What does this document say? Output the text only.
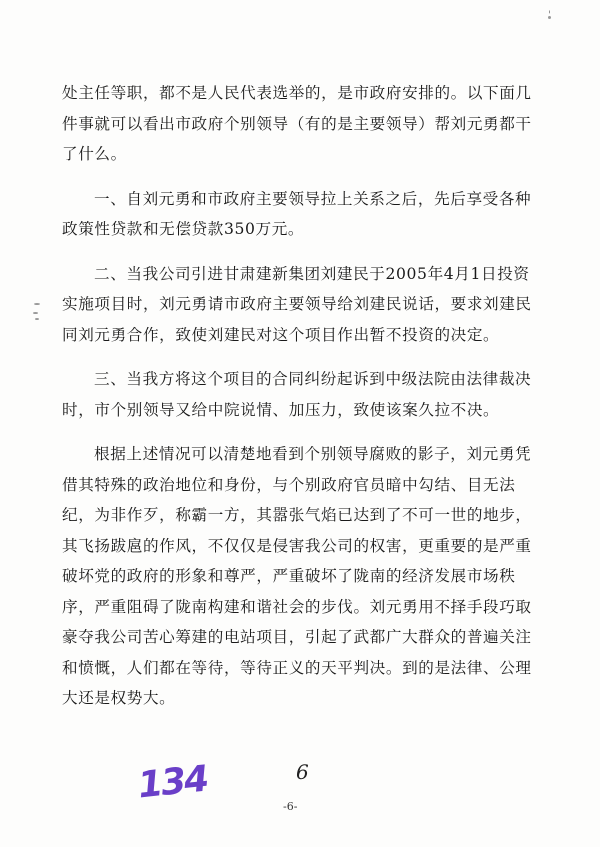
处主任等职，都不是人民代表选举的，是市政府安排的。以下面几件事就可以看出市政府个别领导（有的是主要领导）帮刘元勇都干了什么。

一、自刘元勇和市政府主要领导拉上关系之后，先后享受各种政策性贷款和无偿贷款350万元。

二、当我公司引进甘肃建新集团刘建民于2005年4月1日投资实施项目时，刘元勇请市政府主要领导给刘建民说话，要求刘建民同刘元勇合作，致使刘建民对这个项目作出暂不投资的决定。

三、当我方将这个项目的合同纠纷起诉到中级法院由法律裁决时，市个别领导又给中院说情、加压力，致使该案久拉不决。

根据上述情况可以清楚地看到个别领导腐败的影子，刘元勇凭借其特殊的政治地位和身份，与个别政府官员暗中勾结、目无法纪，为非作歹，称霸一方，其嚣张气焰已达到了不可一世的地步，其飞扬跋扈的作风，不仅仅是侵害我公司的权害，更重要的是严重破坏党的政府的形象和尊严，严重破坏了陇南的经济发展市场秩序，严重阻碍了陇南构建和谐社会的步伐。刘元勇用不择手段巧取豪夺我公司苦心筹建的电站项目，引起了武都广大群众的普遍关注和愤慨，人们都在等待，等待正义的天平判决。到的是法律、公理大还是权势大。

134	6
-6-
